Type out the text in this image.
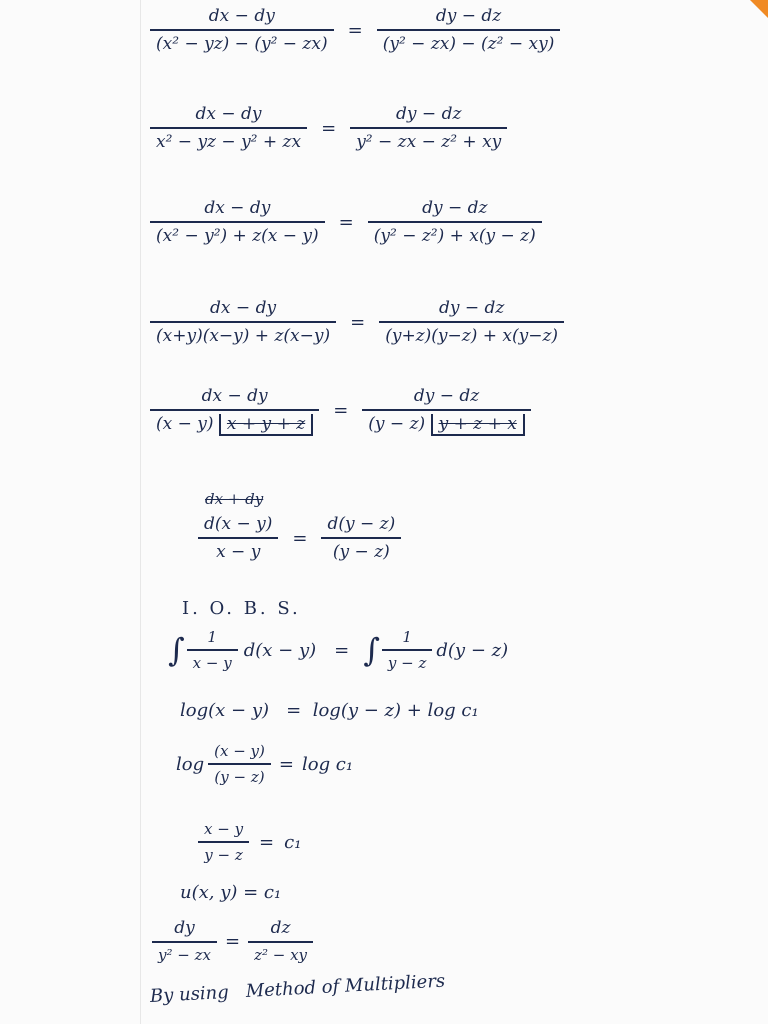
$\frac{dx - dy}{\text{(x² − yz) − (y² − zx)}} = \frac{dy - dz}{\text{(y² − zx) − (z² − xy)}}$
$\frac{dx - dy}{\text{x² − yz − y² + zx}} = \frac{dy - dz}{\text{y² − zx − z² + xy}}$
$\frac{dx - dy}{\text{(x² − y²) + z(x − y)}} = \frac{dy - dz}{\text{(y² − z²) + x(y − z)}}$
$\frac{dx - dy}{(x+y)(x-y) + z(x-y)} = \frac{dy - dz}{(y+z)(y-z) + x(y-z)}$
$\frac{dx - dy}{(x - y) x + y + z} = \frac{dy - dz}{(y - z) y + z + x}$
dx + dy
$\frac{d(x - y)}{x - y} = \frac{d(y - z)}{(y - z)}$
I. O. B. S.
∫ $\frac{1}{x - y} d(x - y)$ = ∫ $\frac{1}{y - z} d(y - z)$
log(x − y)   =  log(y − z) + log c₁
$\log \frac{(x - y)}{(y - z)} = \log c_1$
$\frac{x - y}{y - z} = c_1$
u(x, y) = c₁
$\frac{dy}{\text{y² − zx}} = \frac{dz}{\text{z² − xy}}$
By using   Method of Multipliers
